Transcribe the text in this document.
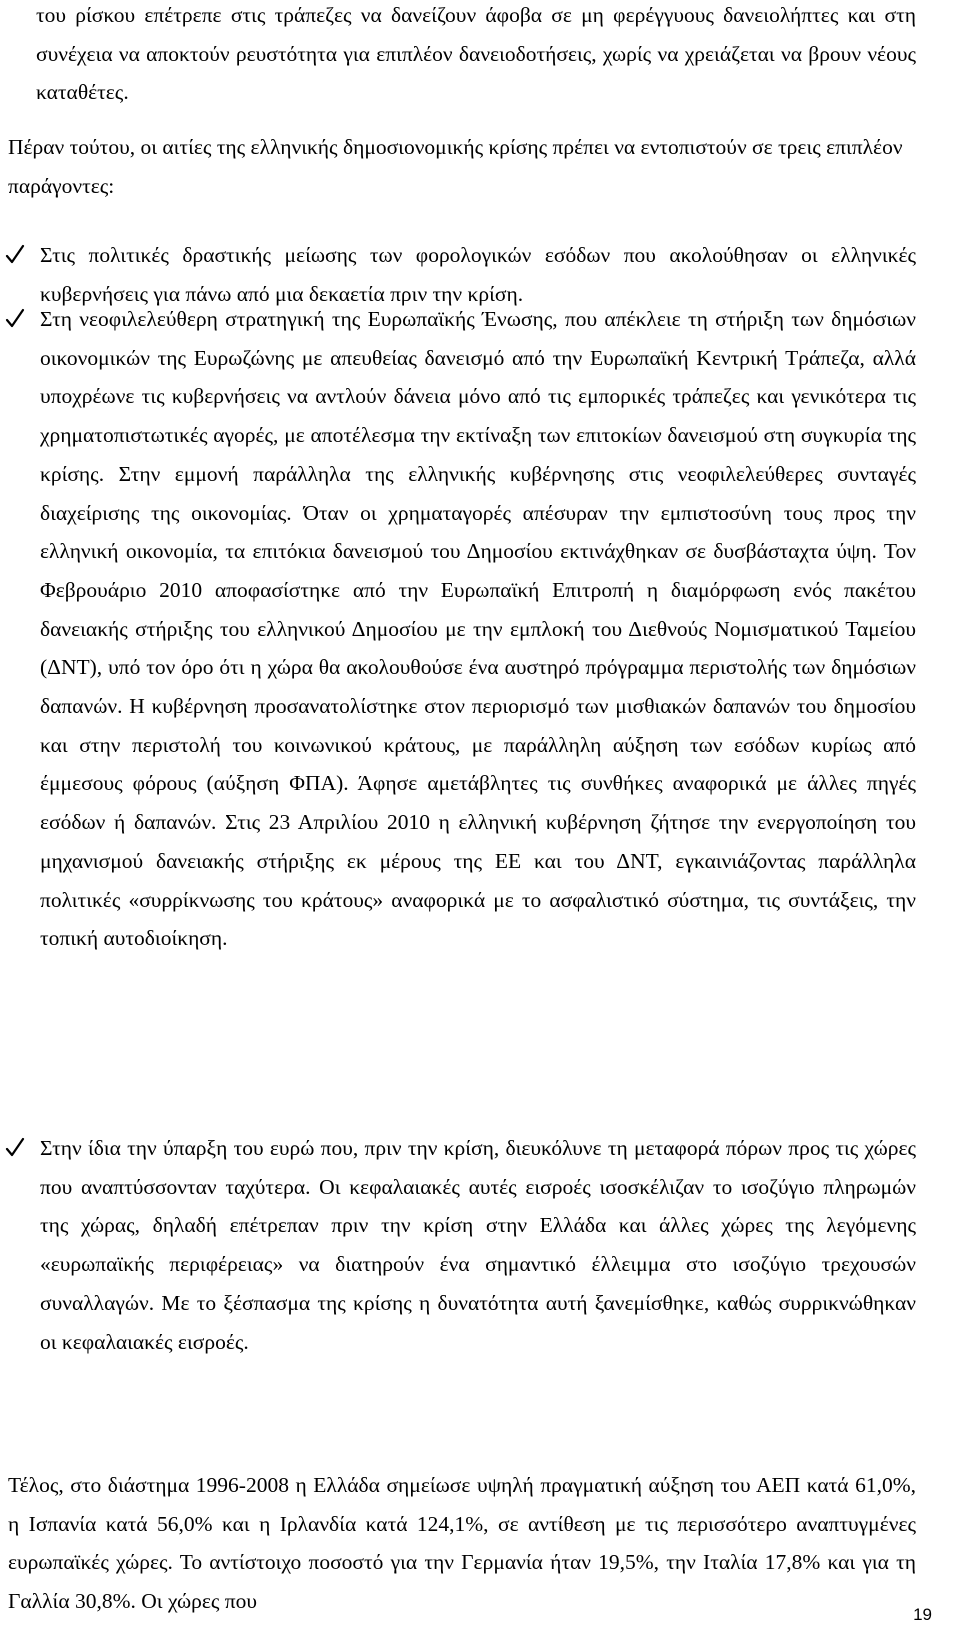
του ρίσκου επέτρεπε στις τράπεζες να δανείζουν άφοβα σε μη φερέγγυους δανειολήπτες και στη συνέχεια να αποκτούν ρευστότητα για επιπλέον δανειοδοτήσεις, χωρίς να χρειάζεται να βρουν νέους καταθέτες.

Πέραν τούτου, οι αιτίες της ελληνικής δημοσιονομικής κρίσης πρέπει να εντοπιστούν σε τρεις επιπλέον παράγοντες:

Στις πολιτικές δραστικής μείωσης των φορολογικών εσόδων που ακολούθησαν οι ελληνικές κυβερνήσεις για πάνω από μια δεκαετία πριν την κρίση.
Στη νεοφιλελεύθερη στρατηγική της Ευρωπαϊκής Ένωσης, που απέκλειε τη στήριξη των δημόσιων οικονομικών της Ευρωζώνης με απευθείας δανεισμό από την Ευρωπαϊκή Κεντρική Τράπεζα, αλλά υποχρέωνε τις κυβερνήσεις να αντλούν δάνεια μόνο από τις εμπορικές τράπεζες και γενικότερα τις χρηματοπιστωτικές αγορές, με αποτέλεσμα την εκτίναξη των επιτοκίων δανεισμού στη συγκυρία της κρίσης. Στην εμμονή παράλληλα της ελληνικής κυβέρνησης στις νεοφιλελεύθερες συνταγές διαχείρισης της οικονομίας. Όταν οι χρηματαγορές απέσυραν την εμπιστοσύνη τους προς την ελληνική οικονομία, τα επιτόκια δανεισμού του Δημοσίου εκτινάχθηκαν σε δυσβάσταχτα ύψη. Τον Φεβρουάριο 2010 αποφασίστηκε από την Ευρωπαϊκή Επιτροπή η διαμόρφωση ενός πακέτου δανειακής στήριξης του ελληνικού Δημοσίου με την εμπλοκή του Διεθνούς Νομισματικού Ταμείου (ΔΝΤ), υπό τον όρο ότι η χώρα θα ακολουθούσε ένα αυστηρό πρόγραμμα περιστολής των δημόσιων δαπανών. Η κυβέρνηση προσανατολίστηκε στον περιορισμό των μισθιακών δαπανών του δημοσίου και στην περιστολή του κοινωνικού κράτους, με παράλληλη αύξηση των εσόδων κυρίως από έμμεσους φόρους (αύξηση ΦΠΑ). Άφησε αμετάβλητες τις συνθήκες αναφορικά με άλλες πηγές εσόδων ή δαπανών. Στις 23 Απριλίου 2010 η ελληνική κυβέρνηση ζήτησε την ενεργοποίηση του μηχανισμού δανειακής στήριξης εκ μέρους της ΕΕ και του ΔΝΤ, εγκαινιάζοντας παράλληλα πολιτικές «συρρίκνωσης του κράτους» αναφορικά με το ασφαλιστικό σύστημα, τις συντάξεις, την τοπική αυτοδιοίκηση.
Στην ίδια την ύπαρξη του ευρώ που, πριν την κρίση, διευκόλυνε τη μεταφορά πόρων προς τις χώρες που αναπτύσσονταν ταχύτερα. Οι κεφαλαιακές αυτές εισροές ισοσκέλιζαν το ισοζύγιο πληρωμών της χώρας, δηλαδή επέτρεπαν πριν την κρίση στην Ελλάδα και άλλες χώρες της λεγόμενης «ευρωπαϊκής περιφέρειας» να διατηρούν ένα σημαντικό έλλειμμα στο ισοζύγιο τρεχουσών συναλλαγών. Με το ξέσπασμα της κρίσης η δυνατότητα αυτή ξανεμίσθηκε, καθώς συρρικνώθηκαν οι κεφαλαιακές εισροές.

Τέλος, στο διάστημα 1996-2008 η Ελλάδα σημείωσε υψηλή πραγματική αύξηση του ΑΕΠ κατά 61,0%, η Ισπανία κατά 56,0% και η Ιρλανδία κατά 124,1%, σε αντίθεση με τις περισσότερο αναπτυγμένες ευρωπαϊκές χώρες. Το αντίστοιχο ποσοστό για την Γερμανία ήταν 19,5%, την Ιταλία 17,8% και για τη Γαλλία 30,8%. Οι χώρες που

19
